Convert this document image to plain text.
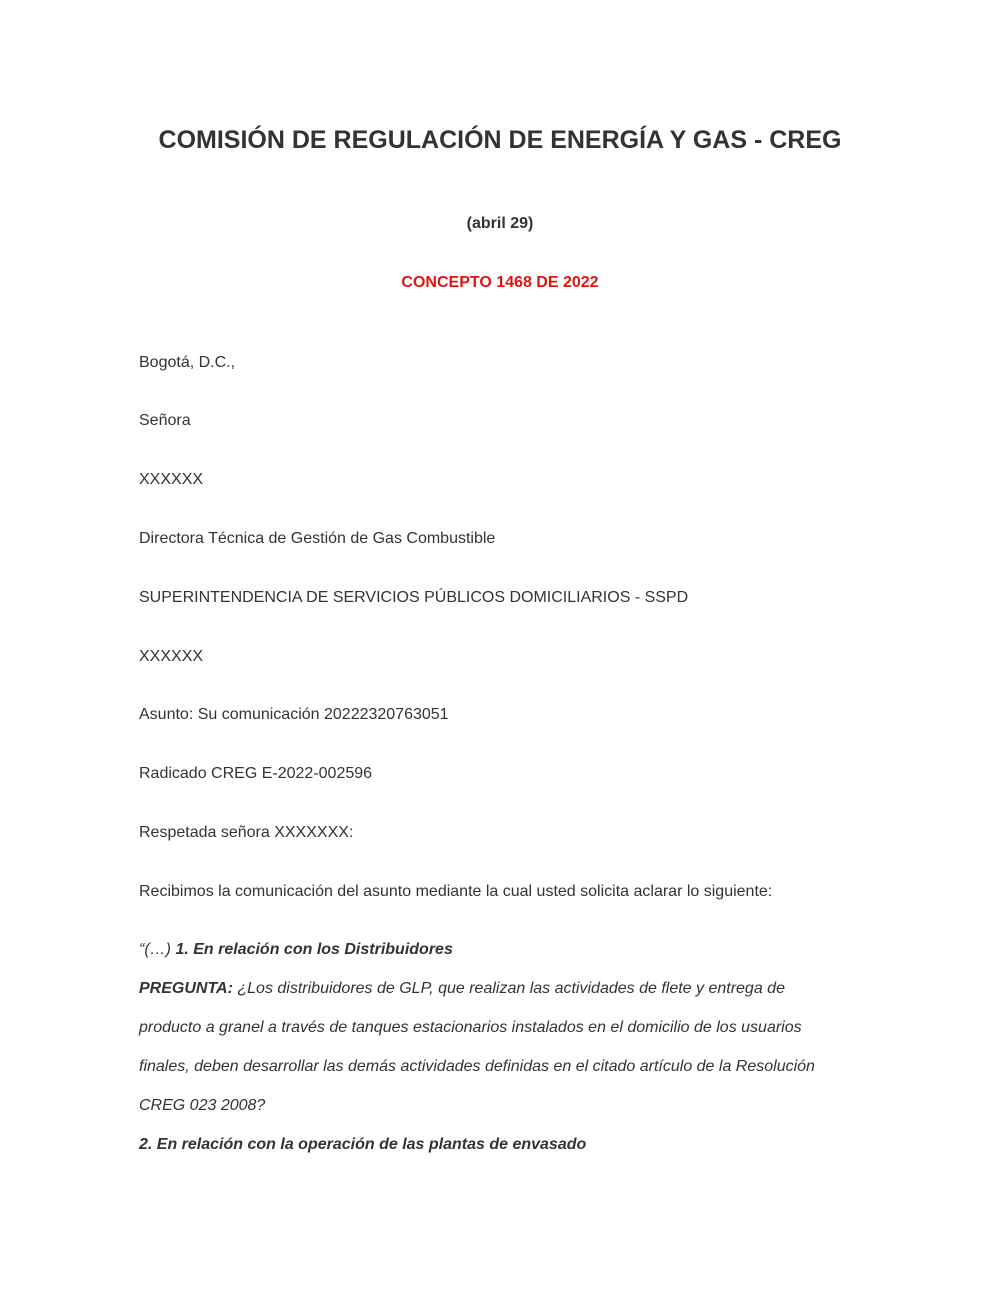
COMISIÓN DE REGULACIÓN DE ENERGÍA Y GAS - CREG
(abril 29)
CONCEPTO 1468 DE 2022
Bogotá, D.C.,
Señora
XXXXXX
Directora Técnica de Gestión de Gas Combustible
SUPERINTENDENCIA DE SERVICIOS PÚBLICOS DOMICILIARIOS - SSPD
XXXXXX
Asunto: Su comunicación 20222320763051
Radicado CREG E-2022-002596
Respetada señora XXXXXXX:
Recibimos la comunicación del asunto mediante la cual usted solicita aclarar lo siguiente:
“(…) 1. En relación con los Distribuidores
PREGUNTA: ¿Los distribuidores de GLP, que realizan las actividades de flete y entrega de
producto a granel a través de tanques estacionarios instalados en el domicilio de los usuarios
finales, deben desarrollar las demás actividades definidas en el citado artículo de la Resolución
CREG 023 2008?
2. En relación con la operación de las plantas de envasado
